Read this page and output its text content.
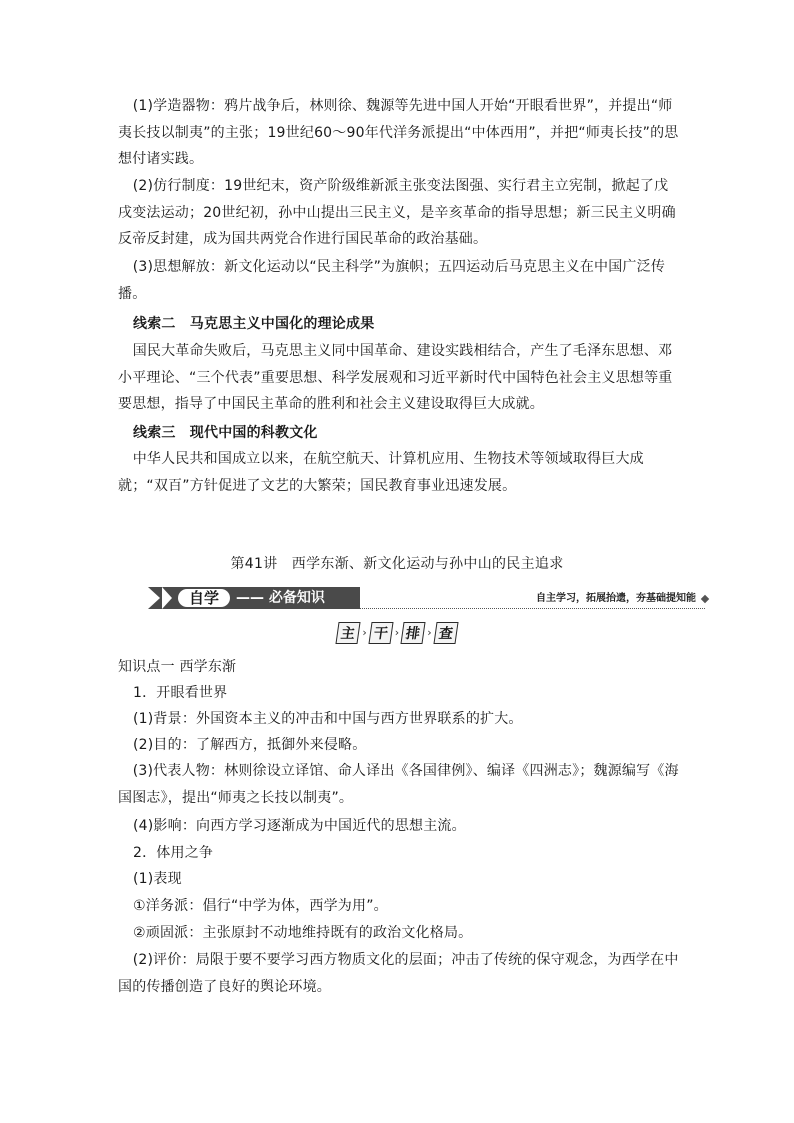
(1)学造器物：鸦片战争后，林则徐、魏源等先进中国人开始“开眼看世界”，并提出“师夷长技以制夷”的主张；19世纪60～90年代洋务派提出“中体西用”，并把“师夷长技”的思想付诸实践。

(2)仿行制度：19世纪末，资产阶级维新派主张变法图强、实行君主立宪制，掀起了戊戌变法运动；20世纪初，孙中山提出三民主义，是辛亥革命的指导思想；新三民主义明确反帝反封建，成为国共两党合作进行国民革命的政治基础。

(3)思想解放：新文化运动以“民主科学”为旗帜；五四运动后马克思主义在中国广泛传播。

线索二　马克思主义中国化的理论成果

国民大革命失败后，马克思主义同中国革命、建设实践相结合，产生了毛泽东思想、邓小平理论、“三个代表”重要思想、科学发展观和习近平新时代中国特色社会主义思想等重要思想，指导了中国民主革命的胜利和社会主义建设取得巨大成就。

线索三　现代中国的科教文化

中华人民共和国成立以来，在航空航天、计算机应用、生物技术等领域取得巨大成就；“双百”方针促进了文艺的大繁荣；国民教育事业迅速发展。

第41讲　西学东渐、新文化运动与孙中山的民主追求

自学	—— 必备知识	自主学习，拓展抬遗，夯基础提知能
主 › 干 › 排 › 查

知识点一 西学东渐

1．开眼看世界

(1)背景：外国资本主义的冲击和中国与西方世界联系的扩大。

(2)目的：了解西方，抵御外来侵略。

(3)代表人物：林则徐设立译馆、命人译出《各国律例》、编译《四洲志》；魏源编写《海国图志》，提出“师夷之长技以制夷”。

(4)影响：向西方学习逐渐成为中国近代的思想主流。

2．体用之争

(1)表现

①洋务派：倡行“中学为体，西学为用”。

②顽固派：主张原封不动地维持既有的政治文化格局。

(2)评价：局限于要不要学习西方物质文化的层面；冲击了传统的保守观念，为西学在中国的传播创造了良好的舆论环境。
